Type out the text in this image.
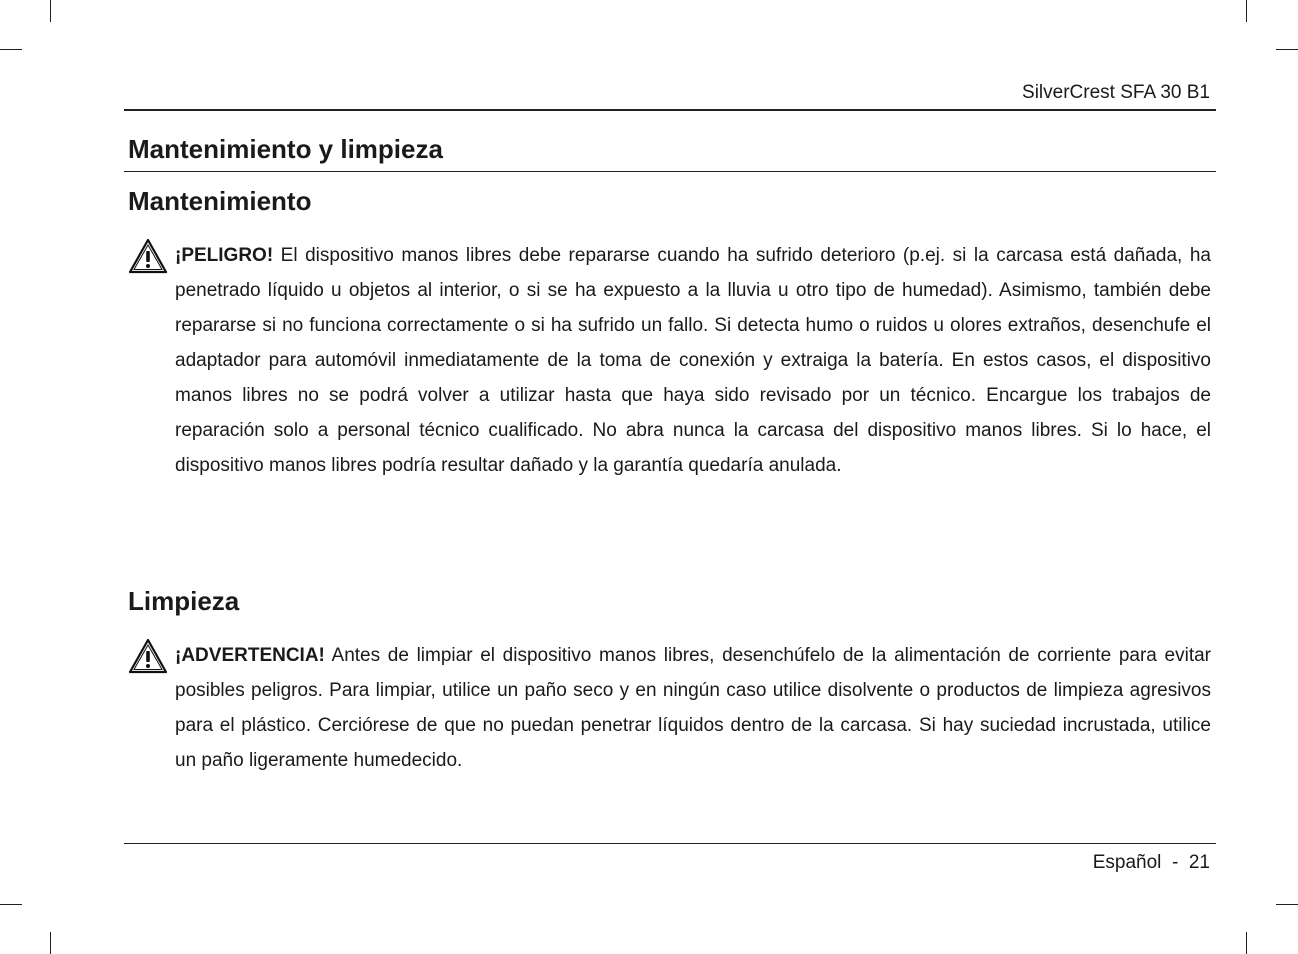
SilverCrest SFA 30 B1
Mantenimiento y limpieza
Mantenimiento

¡PELIGRO! El dispositivo manos libres debe repararse cuando ha sufrido deterioro (p.ej. si la carcasa está dañada, ha penetrado líquido u objetos al interior, o si se ha expuesto a la lluvia u otro tipo de humedad). Asimismo, también debe repararse si no funciona correctamente o si ha sufrido un fallo. Si detecta humo o ruidos u olores extraños, desenchufe el adaptador para automóvil inmediatamente de la toma de conexión y extraiga la batería. En estos casos, el dispositivo manos libres no se podrá volver a utilizar hasta que haya sido revisado por un técnico. Encargue los trabajos de reparación solo a personal técnico cualificado. No abra nunca la carcasa del dispositivo manos libres. Si lo hace, el dispositivo manos libres podría resultar dañado y la garantía quedaría anulada.

Limpieza

¡ADVERTENCIA! Antes de limpiar el dispositivo manos libres, desenchúfelo de la alimentación de corriente para evitar posibles peligros. Para limpiar, utilice un paño seco y en ningún caso utilice disolvente o productos de limpieza agresivos para el plástico. Cerciórese de que no puedan penetrar líquidos dentro de la carcasa. Si hay suciedad incrustada, utilice un paño ligeramente humedecido.

Español - 21
